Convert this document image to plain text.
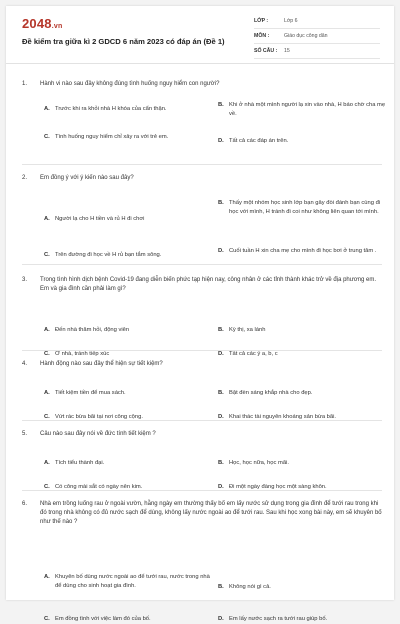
2048.vn
Đề kiểm tra giữa kì 2 GDCD 6 năm 2023 có đáp án (Đề 1)
LỚP :	Lớp 6
MÔN :	Giáo dục công dân
SỐ CÂU :	15
1.	Hành vi nào sau đây không đúng tình huống nguy hiểm con người?
A. Trước khi ra khỏi nhà H khóa của cẩn thận.
B. Khi ở nhà một mình người lạ xin vào nhà, H báo chờ cha mẹ về.
C. Tình huống nguy hiểm chỉ xảy ra với trẻ em.
D. Tất cả các đáp án trên.
2.	Em đồng ý với ý kiến nào sau đây?
A. Người lạ cho H tiền và rủ H đi chơi
B. Thấy một nhóm học sinh lớp bạn gây đòi đánh bạn cùng đi học với mình, H tránh đi coi như không liên quan tới mình.
C. Trên đường đi học về H rủ bạn tắm sông.
D. Cuối tuần H xin cha mẹ cho mình đi học bơi ở trung tâm .
3.	Trong tình hình dịch bệnh Covid-19 đang diễn biến phức tạp hiện nay, công nhân ở các tỉnh thành khác trở về địa phương em. Em và gia đình cần phải làm gì?
A. Đến nhà thăm hỏi, động viên	B. Kỳ thị, xa lánh
C. Ở nhà, tránh tiếp xúc	D. Tất cả các ý a, b, c
4.	Hành động nào sau đây thể hiện sự tiết kiệm?
A. Tiết kiệm tiền để mua sách.	B. Bật đèn sáng khắp nhà cho đẹp.
C. Vứt rác bừa bãi tại nơi công cộng.	D. Khai thác tài nguyên khoáng sản bừa bãi.
5.	Câu nào sau đây nói về đức tính tiết kiệm ?
A. Tích tiểu thành đại.	B. Học, học nữa, học mãi.
C. Có công mài sắt có ngày nên kim.	D. Đi một ngày đàng học một sàng khôn.
6.	Nhà em trồng luống rau ở ngoài vườn, hằng ngày em thường thấy bố em lấy nước sử dụng trong gia đình để tưới rau trong khi đó trong nhà không có đủ nước sạch để dùng, không lấy nước ngoài ao để tưới rau. Sau khi học xong bài này, em sẽ khuyên bố như thế nào ?
A. Khuyên bố dùng nước ngoài ao để tưới rau, nước trong nhà để dùng cho sinh hoạt gia đình.	B. Không nói gì cả.
C. Em đồng tình với việc làm đó của bố.	D. Em lấy nước sạch ra tưới rau giúp bố.
